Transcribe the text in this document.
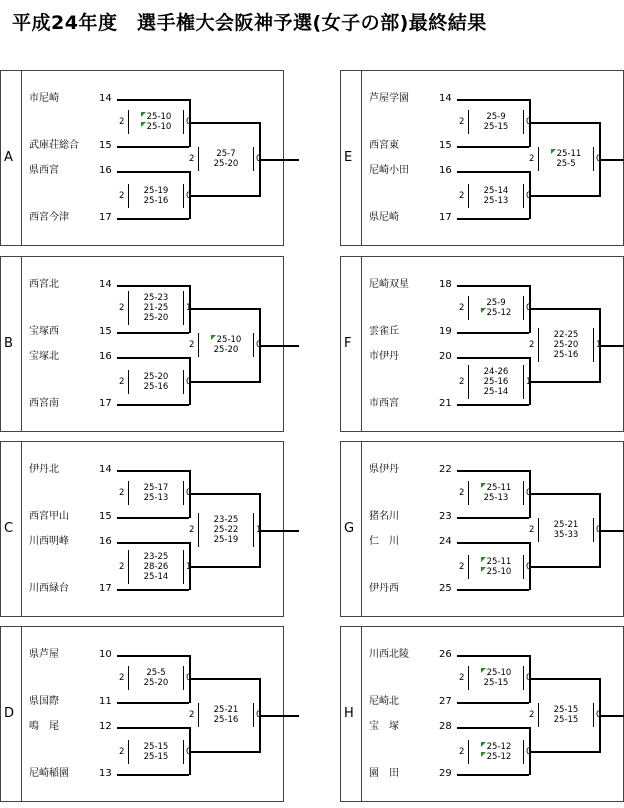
平成24年度　選手権大会阪神予選(女子の部)最終結果
A
市尼崎	14
武庫荘総合	15
県西宮	16
西宮今津	17
25-10
25-10
2	0
25-19
25-16
2	0
25-7
25-20
2	0
B
西宮北	14
宝塚西	15
宝塚北	16
西宮南	17
25-23
21-25
25-20
2	1
25-20
25-16
2	0
25-10
25-20
2	0
C
伊丹北	14
西宮甲山	15
川西明峰	16
川西緑台	17
25-17
25-13
2	0
23-25
28-26
25-14
2	1
23-25
25-22
25-19
2	1
D
県芦屋	10
県国際	11
鳴　尾	12
尼崎稲園	13
25-5
25-20
2	0
25-15
25-15
2	0
25-21
25-16
2	0
E
芦屋学園	14
西宮東	15
尼崎小田	16
県尼崎	17
25-9
25-15
2	0
25-14
25-13
2	0
25-11
25-5
2	0
F
尼崎双星	18
雲雀丘	19
市伊丹	20
市西宮	21
25-9
25-12
2	0
24-26
25-16
25-14
2	1
22-25
25-20
25-16
2	1
G
県伊丹	22
猪名川	23
仁　川	24
伊丹西	25
25-11
25-13
2	0
25-11
25-10
2	0
25-21
35-33
2	0
H
川西北陵	26
尼崎北	27
宝　塚	28
園　田	29
25-10
25-15
2	0
25-12
25-12
2	0
25-15
25-15
2	0
